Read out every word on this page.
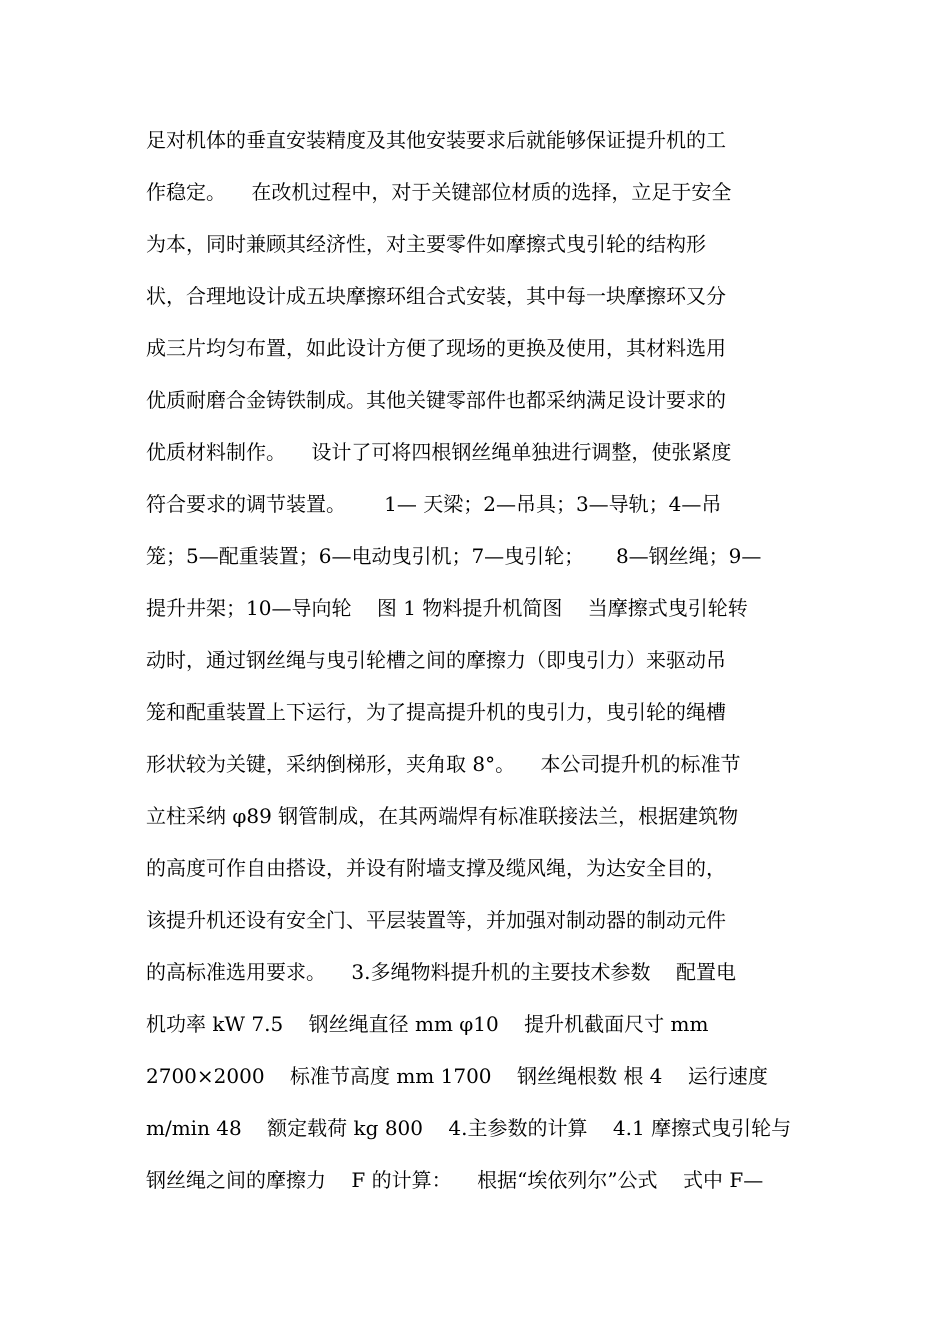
足对机体的垂直安装精度及其他安装要求后就能够保证提升机的工
作稳定。    在改机过程中，对于关键部位材质的选择，立足于安全
为本，同时兼顾其经济性，对主要零件如摩擦式曳引轮的结构形
状，合理地设计成五块摩擦环组合式安装，其中每一块摩擦环又分
成三片均匀布置，如此设计方便了现场的更换及使用，其材料选用
优质耐磨合金铸铁制成。其他关键零部件也都采纳满足设计要求的
优质材料制作。    设计了可将四根钢丝绳单独进行调整，使张紧度
符合要求的调节装置。      1— 天梁；2—吊具；3—导轨；4—吊
笼；5—配重装置；6—电动曳引机；7—曳引轮；     8—钢丝绳；9—
提升井架；10—导向轮    图 1 物料提升机简图    当摩擦式曳引轮转
动时，通过钢丝绳与曳引轮槽之间的摩擦力（即曳引力）来驱动吊
笼和配重装置上下运行，为了提高提升机的曳引力，曳引轮的绳槽
形状较为关键，采纳倒梯形，夹角取 8°。    本公司提升机的标准节
立柱采纳 φ89 钢管制成，在其两端焊有标准联接法兰，根据建筑物
的高度可作自由搭设，并设有附墙支撑及缆风绳，为达安全目的，
该提升机还设有安全门、平层装置等，并加强对制动器的制动元件
的高标准选用要求。    3.多绳物料提升机的主要技术参数    配置电
机功率 kW 7.5    钢丝绳直径 mm φ10    提升机截面尺寸 mm
2700×2000    标准节高度 mm 1700    钢丝绳根数 根 4    运行速度
m/min 48    额定载荷 kg 800    4.主参数的计算    4.1 摩擦式曳引轮与
钢丝绳之间的摩擦力    F 的计算：    根据“埃依列尔”公式    式中 F—
